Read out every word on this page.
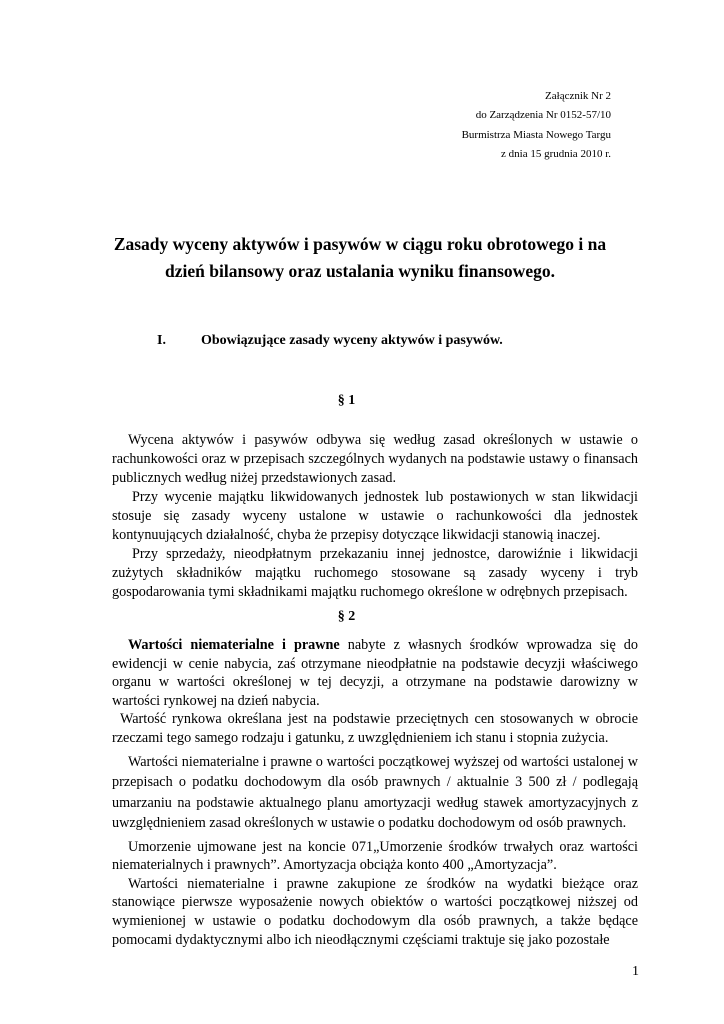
Załącznik Nr 2
do Zarządzenia Nr 0152-57/10
Burmistrza Miasta Nowego Targu
z dnia 15 grudnia 2010 r.
Zasady wyceny aktywów i pasywów w ciągu roku obrotowego i na
dzień bilansowy oraz ustalania wyniku finansowego.
I.	Obowiązujące zasady wyceny aktywów i pasywów.
§ 1

Wycena aktywów i pasywów odbywa się według zasad określonych w ustawie o rachunkowości oraz w przepisach szczególnych wydanych na podstawie ustawy o finansach publicznych według niżej przedstawionych zasad.

Przy wycenie majątku likwidowanych jednostek lub postawionych w stan likwidacji stosuje się zasady wyceny ustalone w ustawie o rachunkowości dla jednostek kontynuujących działalność, chyba że przepisy dotyczące likwidacji stanowią inaczej.

Przy sprzedaży, nieodpłatnym przekazaniu innej jednostce, darowiźnie i likwidacji zużytych składników majątku ruchomego stosowane są zasady wyceny i tryb gospodarowania tymi składnikami majątku ruchomego określone w odrębnych przepisach.

§ 2

Wartości niematerialne i prawne nabyte z własnych środków wprowadza się do ewidencji w cenie nabycia, zaś otrzymane nieodpłatnie na podstawie decyzji właściwego organu w wartości określonej w tej decyzji, a otrzymane na podstawie darowizny w wartości rynkowej na dzień nabycia.

Wartość rynkowa określana jest na podstawie przeciętnych cen stosowanych w obrocie rzeczami tego samego rodzaju i gatunku, z uwzględnieniem ich stanu i stopnia zużycia.

Wartości niematerialne i prawne o wartości początkowej wyższej od wartości ustalonej w przepisach o podatku dochodowym dla osób prawnych / aktualnie 3 500 zł / podlegają umarzaniu na podstawie aktualnego planu amortyzacji według stawek amortyzacyjnych z uwzględnieniem zasad określonych w ustawie o podatku dochodowym od osób prawnych.

Umorzenie ujmowane jest na koncie 071„Umorzenie środków trwałych oraz wartości niematerialnych i prawnych”. Amortyzacja obciąża konto 400 „Amortyzacja”.

Wartości niematerialne i prawne zakupione ze środków na wydatki bieżące oraz stanowiące pierwsze wyposażenie nowych obiektów o wartości początkowej niższej od wymienionej w ustawie o podatku dochodowym dla osób prawnych, a także będące pomocami dydaktycznymi albo ich nieodłącznymi częściami traktuje się jako pozostałe

1
